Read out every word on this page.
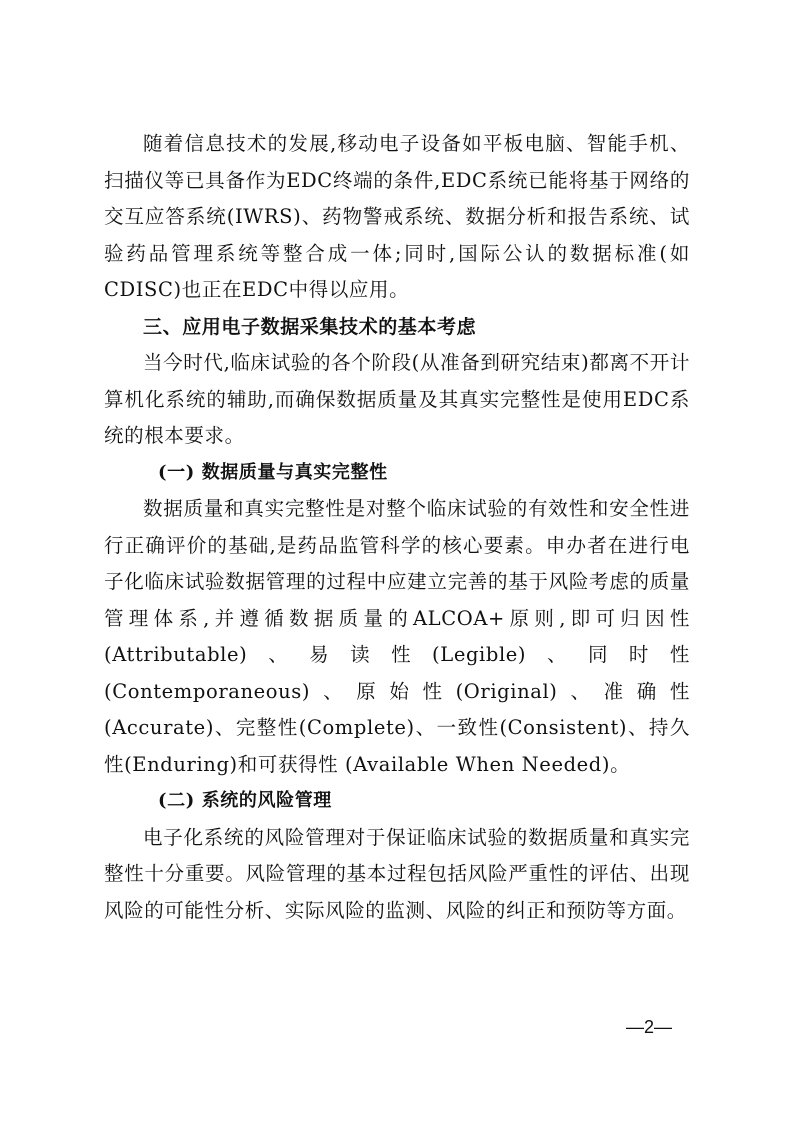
随着信息技术的发展,移动电子设备如平板电脑、智能手机、扫描仪等已具备作为EDC终端的条件,EDC系统已能将基于网络的交互应答系统(IWRS)、药物警戒系统、数据分析和报告系统、试验药品管理系统等整合成一体;同时,国际公认的数据标准(如CDISC)也正在EDC中得以应用。

三、应用电子数据采集技术的基本考虑

当今时代,临床试验的各个阶段(从准备到研究结束)都离不开计算机化系统的辅助,而确保数据质量及其真实完整性是使用EDC系统的根本要求。

(一) 数据质量与真实完整性

数据质量和真实完整性是对整个临床试验的有效性和安全性进行正确评价的基础,是药品监管科学的核心要素。申办者在进行电子化临床试验数据管理的过程中应建立完善的基于风险考虑的质量管理体系,并遵循数据质量的ALCOA+原则,即可归因性(Attributable)、易读性(Legible)、同时性(Contemporaneous)、原始性(Original)、准确性(Accurate)、完整性(Complete)、一致性(Consistent)、持久性(Enduring)和可获得性 (Available When Needed)。

(二) 系统的风险管理

电子化系统的风险管理对于保证临床试验的数据质量和真实完整性十分重要。风险管理的基本过程包括风险严重性的评估、出现风险的可能性分析、实际风险的监测、风险的纠正和预防等方面。

—2—
